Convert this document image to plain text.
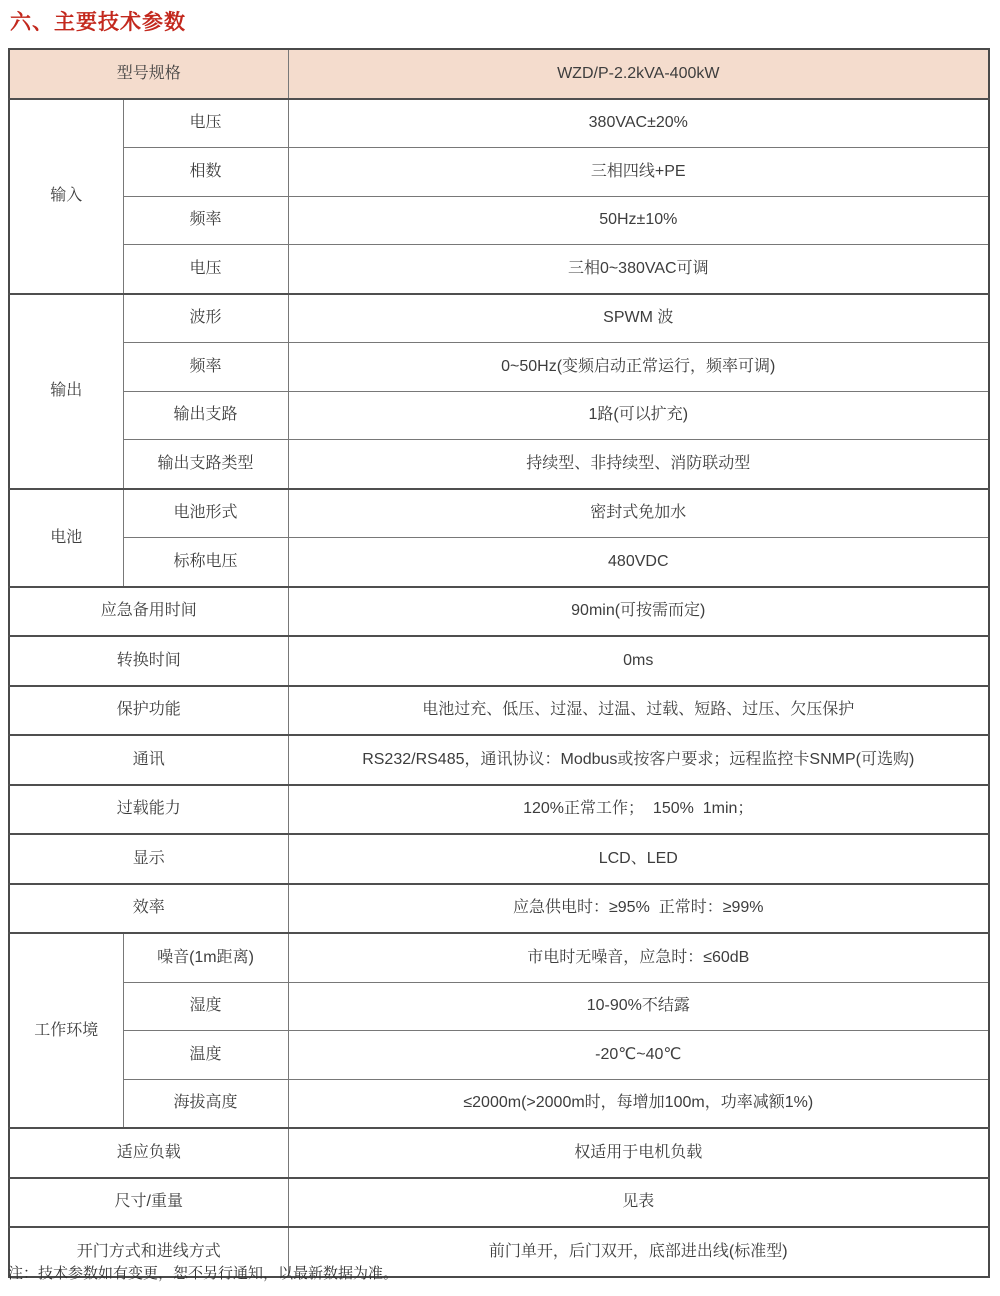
六、主要技术参数
型号规格		WZD/P-2.2kVA-400kW
输入	电压	380VAC±20%
	相数	三相四线+PE
	频率	50Hz±10%
	电压	三相0~380VAC可调
输出	波形	SPWM 波
	频率	0~50Hz(变频启动正常运行，频率可调)
	输出支路	1路(可以扩充)
	输出支路类型	持续型、非持续型、消防联动型
电池	电池形式	密封式免加水
	标称电压	480VDC
应急备用时间		90min(可按需而定)
转换时间		0ms
保护功能		电池过充、低压、过湿、过温、过载、短路、过压、欠压保护
通讯		RS232/RS485，通讯协议：Modbus或按客户要求；远程监控卡SNMP(可选购)
过载能力		120%正常工作；  150%  1min；
显示		LCD、LED
效率		应急供电时：≥95%  正常时：≥99%
工作环境	噪音(1m距离)	市电时无噪音，应急时：≤60dB
	湿度	10-90%不结露
	温度	-20℃~40℃
	海拔高度	≤2000m(>2000m时，每增加100m，功率减额1%)
适应负载		权适用于电机负载
尺寸/重量		见表
开门方式和进线方式		前门单开，后门双开，底部进出线(标准型)
注：技术参数如有变更，恕不另行通知，以最新数据为准。
